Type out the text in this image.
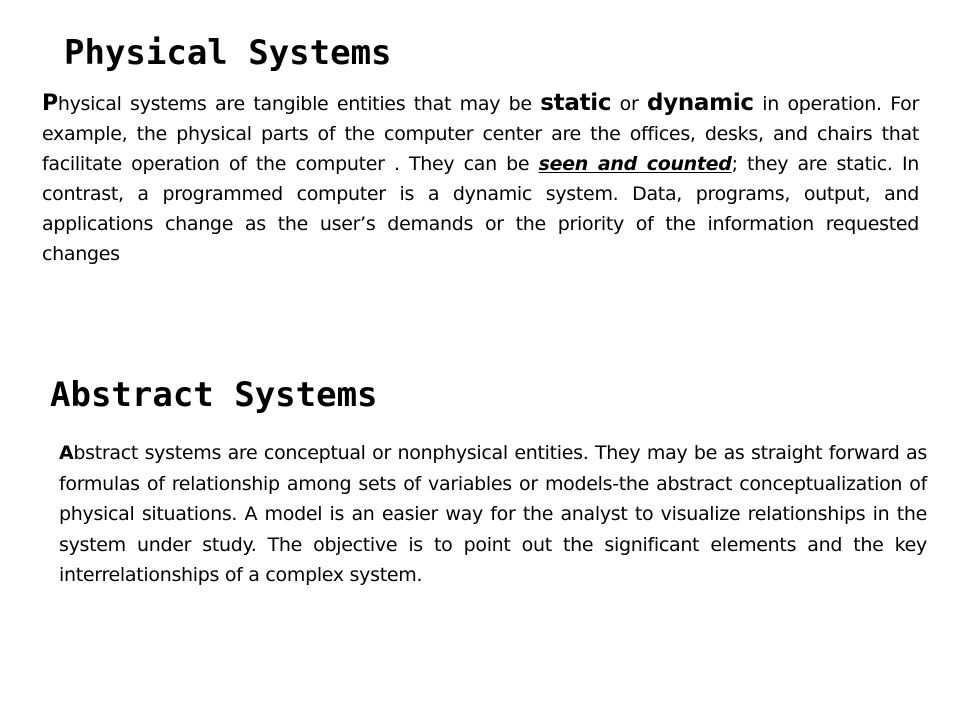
Physical Systems

Physical systems are tangible entities that may be static or dynamic in operation. For example, the physical parts of the computer center are the offices, desks, and chairs that facilitate operation of the computer . They can be seen and counted; they are static. In contrast, a programmed computer is a dynamic system. Data, programs, output, and applications change as the user’s demands or the priority of the information requested changes

Abstract Systems

Abstract systems are conceptual or nonphysical entities. They may be as straight forward as formulas of relationship among sets of variables or models-the abstract conceptualization of physical situations. A model is an easier way for the analyst to visualize relationships in the system under study. The objective is to point out the significant elements and the key interrelationships of a complex system.
